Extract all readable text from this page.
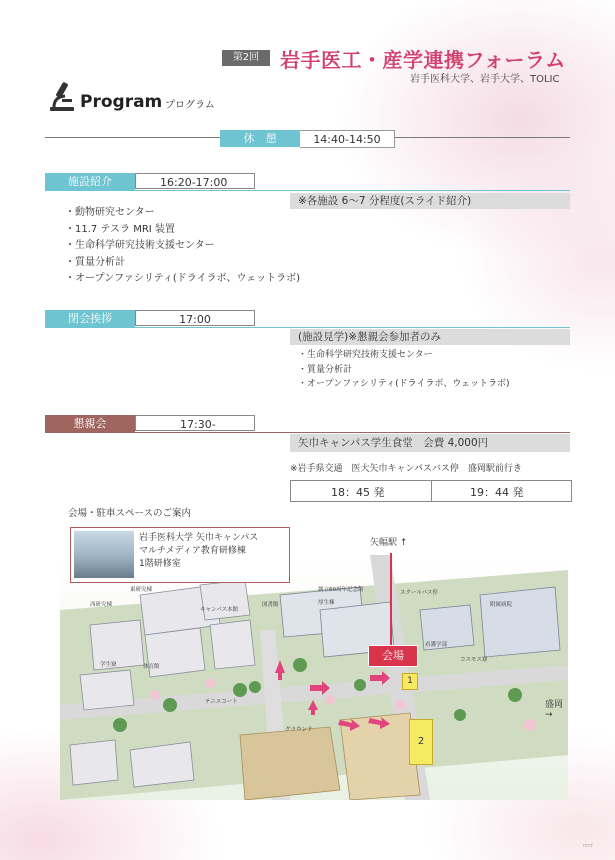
第2回	岩手医工・産学連携フォーラム
岩手医科大学、岩手大学、TOLIC
Program プログラム
休　憩	14:40-14:50
施設紹介	16:20-17:00
※各施設 6～7 分程度(スライド紹介)
・動物研究センター
・11.7 テスラ MRI 装置
・生命科学研究技術支援センター
・質量分析計
・オープンファシリティ(ドライラボ、ウェットラボ)
閉会挨拶	17:00
(施設見学)※懇親会参加者のみ
・生命科学研究技術支援センター
・質量分析計
・オープンファシリティ(ドライラボ、ウェットラボ)
懇親会	17:30-
矢巾キャンパス学生食堂　会費 4,000円
※岩手県交通　医大矢巾キャンパスバス停　盛岡駅前行き
18：45 発	19：44 発
会場・駐車スペースのご案内
岩手医科大学 矢巾キャンパス
マルチメディア教育研修棟
1階研修室
矢幅駅 ↑
盛岡
→
会場
1
2
nmf
西研究棟
東研究棟
キャンパス本館
図書館
創立60周年記念館
厚生棟
看護学部
体育館
学生寮
テニスコート
グラウンド
附属病院
スクールバス停
コスモス寮
